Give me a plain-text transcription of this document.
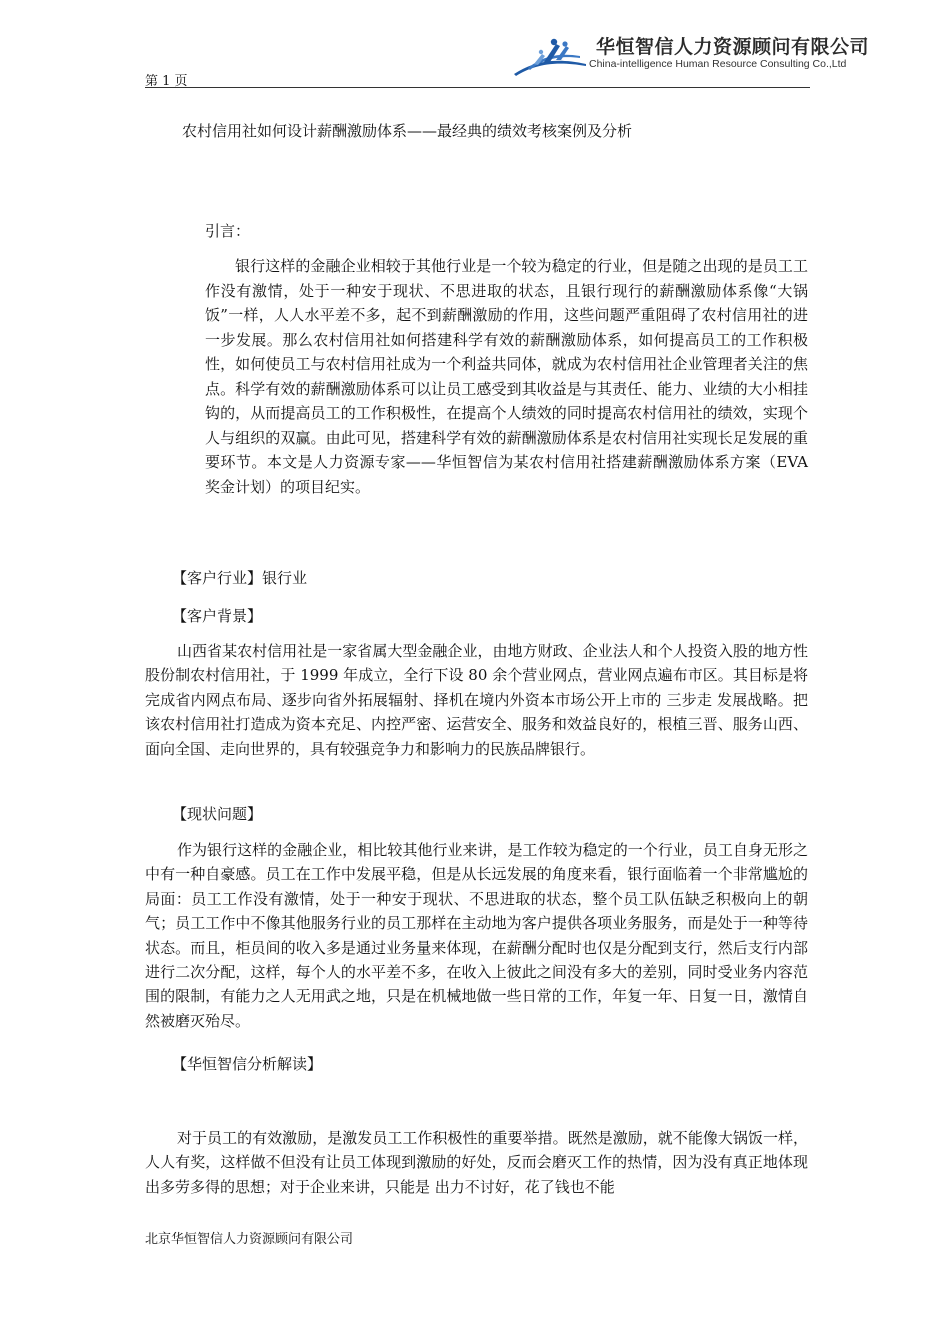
第 1 页
华恒智信人力资源顾问有限公司
China-intelligence Human Resource Consulting Co.,Ltd
农村信用社如何设计薪酬激励体系——最经典的绩效考核案例及分析
引言：

银行这样的金融企业相较于其他行业是一个较为稳定的行业，但是随之出现的是员工工作没有激情，处于一种安于现状、不思进取的状态，且银行现行的薪酬激励体系像“大锅饭”一样，人人水平差不多，起不到薪酬激励的作用，这些问题严重阻碍了农村信用社的进一步发展。那么农村信用社如何搭建科学有效的薪酬激励体系，如何提高员工的工作积极性，如何使员工与农村信用社成为一个利益共同体，就成为农村信用社企业管理者关注的焦点。科学有效的薪酬激励体系可以让员工感受到其收益是与其责任、能力、业绩的大小相挂钩的，从而提高员工的工作积极性，在提高个人绩效的同时提高农村信用社的绩效，实现个人与组织的双赢。由此可见，搭建科学有效的薪酬激励体系是农村信用社实现长足发展的重要环节。本文是人力资源专家——华恒智信为某农村信用社搭建薪酬激励体系方案（EVA 奖金计划）的项目纪实。

【客户行业】银行业
【客户背景】

山西省某农村信用社是一家省属大型金融企业，由地方财政、企业法人和个人投资入股的地方性股份制农村信用社，于 1999 年成立，全行下设 80 余个营业网点，营业网点遍布市区。其目标是将完成省内网点布局、逐步向省外拓展辐射、择机在境内外资本市场公开上市的 三步走 发展战略。把该农村信用社打造成为资本充足、内控严密、运营安全、服务和效益良好的，根植三晋、服务山西、面向全国、走向世界的，具有较强竞争力和影响力的民族品牌银行。

【现状问题】

作为银行这样的金融企业，相比较其他行业来讲，是工作较为稳定的一个行业，员工自身无形之中有一种自豪感。员工在工作中发展平稳，但是从长远发展的角度来看，银行面临着一个非常尴尬的局面：员工工作没有激情，处于一种安于现状、不思进取的状态，整个员工队伍缺乏积极向上的朝气；员工工作中不像其他服务行业的员工那样在主动地为客户提供各项业务服务，而是处于一种等待状态。而且，柜员间的收入多是通过业务量来体现，在薪酬分配时也仅是分配到支行，然后支行内部进行二次分配，这样，每个人的水平差不多，在收入上彼此之间没有多大的差别，同时受业务内容范围的限制，有能力之人无用武之地，只是在机械地做一些日常的工作，年复一年、日复一日，激情自然被磨灭殆尽。

【华恒智信分析解读】

对于员工的有效激励，是激发员工工作积极性的重要举措。既然是激励，就不能像大锅饭一样，人人有奖，这样做不但没有让员工体现到激励的好处，反而会磨灭工作的热情，因为没有真正地体现出多劳多得的思想；对于企业来讲，只能是 出力不讨好，花了钱也不能

北京华恒智信人力资源顾问有限公司
